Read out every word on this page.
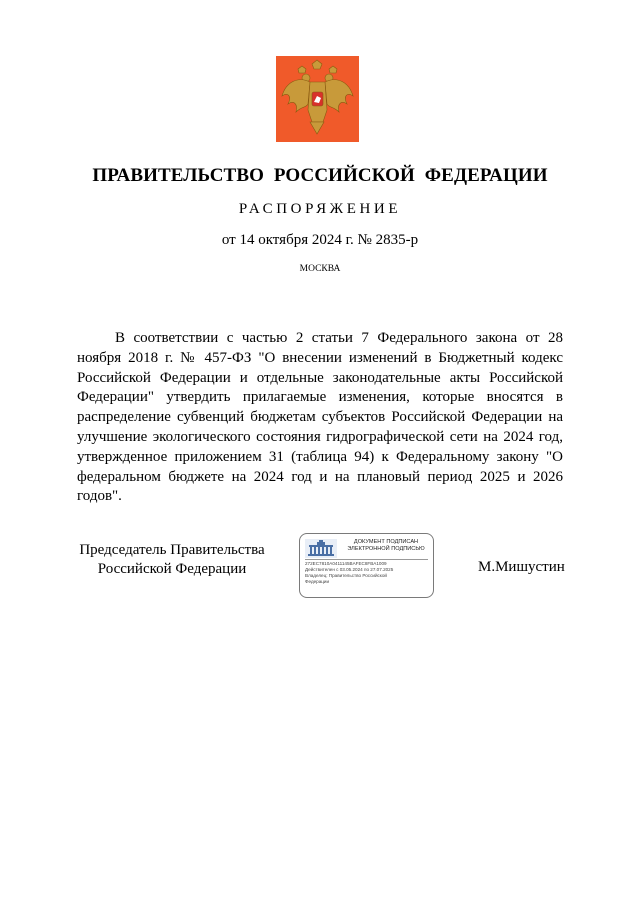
ПРАВИТЕЛЬСТВО РОССИЙСКОЙ ФЕДЕРАЦИИ
РАСПОРЯЖЕНИЕ
от 14 октября 2024 г. № 2835-р
МОСКВА

В соответствии с частью 2 статьи 7 Федерального закона от 28 ноября 2018 г. № 457-ФЗ "О внесении изменений в Бюджетный кодекс Российской Федерации и отдельные законодательные акты Российской Федерации" утвердить прилагаемые изменения, которые вносятся в распределение субвенций бюджетам субъектов Российской Федерации на улучшение экологического состояния гидрографической сети на 2024 год, утвержденное приложением 31 (таблица 94) к Федеральному закону "О федеральном бюджете на 2024 год и на плановый период 2025 и 2026 годов".

Председатель Правительства
Российской Федерации
ДОКУМЕНТ ПОДПИСАН
ЭЛЕКТРОННОЙ ПОДПИСЬЮ
272EC7810A0411145BAFEC8FBA1009
Действителен с 03.05.2024 по 27.07.2025
Владелец: Правительство Российской
Федерации
М.Мишустин
